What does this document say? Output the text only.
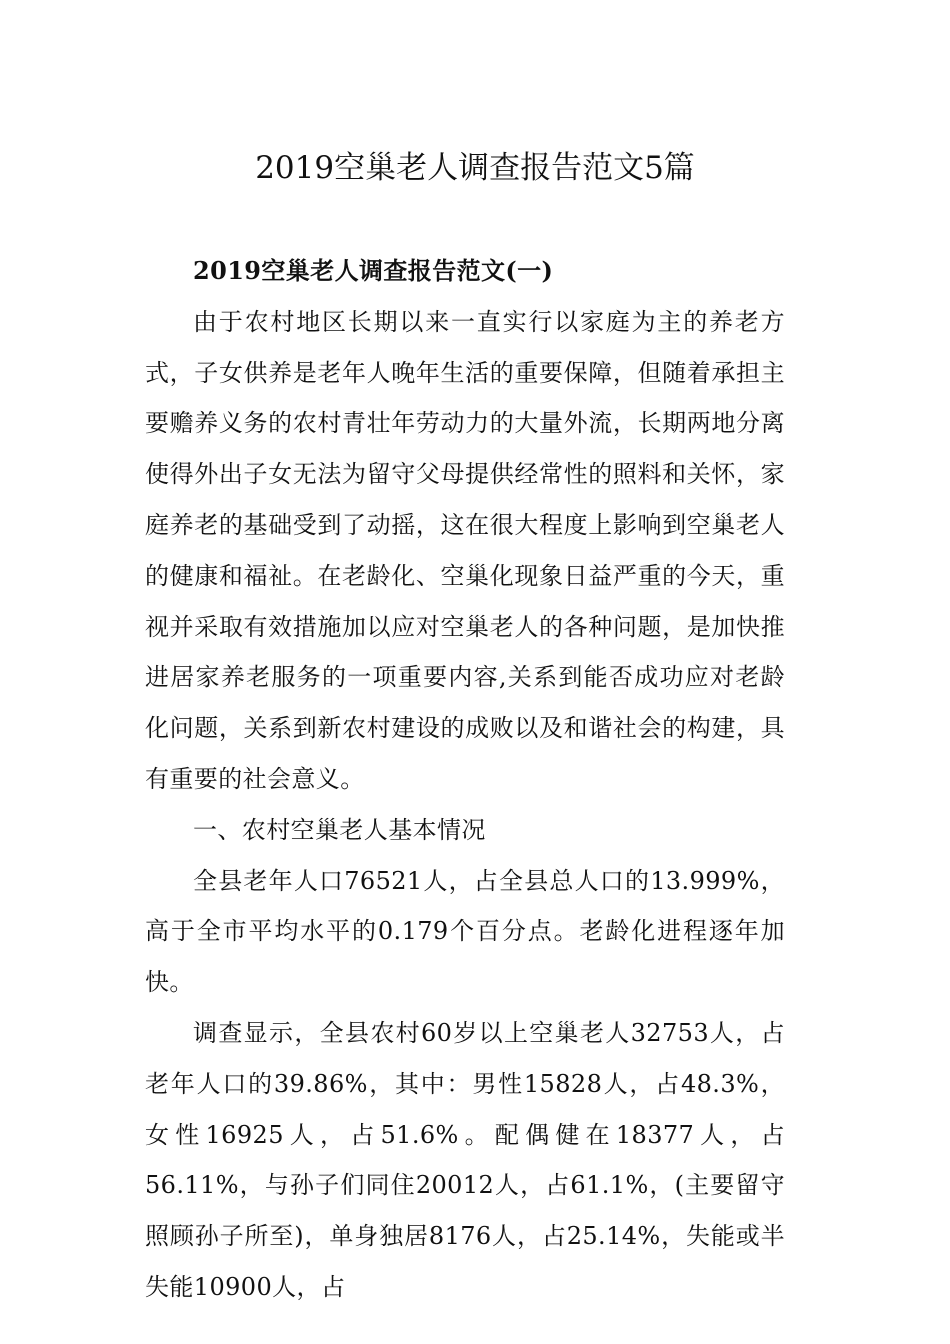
2019空巢老人调查报告范文5篇

2019空巢老人调查报告范文(一)

由于农村地区长期以来一直实行以家庭为主的养老方式，子女供养是老年人晚年生活的重要保障，但随着承担主要赡养义务的农村青壮年劳动力的大量外流，长期两地分离使得外出子女无法为留守父母提供经常性的照料和关怀，家庭养老的基础受到了动摇，这在很大程度上影响到空巢老人的健康和福祉。在老龄化、空巢化现象日益严重的今天，重视并采取有效措施加以应对空巢老人的各种问题，是加快推进居家养老服务的一项重要内容,关系到能否成功应对老龄化问题，关系到新农村建设的成败以及和谐社会的构建，具有重要的社会意义。

一、农村空巢老人基本情况

全县老年人口76521人，占全县总人口的13.999%，高于全市平均水平的0.179个百分点。老龄化进程逐年加快。

调查显示，全县农村60岁以上空巢老人32753人，占老年人口的39.86%，其中：男性15828人，占48.3%，女性16925人，占51.6%。配偶健在18377人，占56.11%，与孙子们同住20012人，占61.1%，(主要留守照顾孙子所至)，单身独居8176人，占25.14%，失能或半失能10900人，占
